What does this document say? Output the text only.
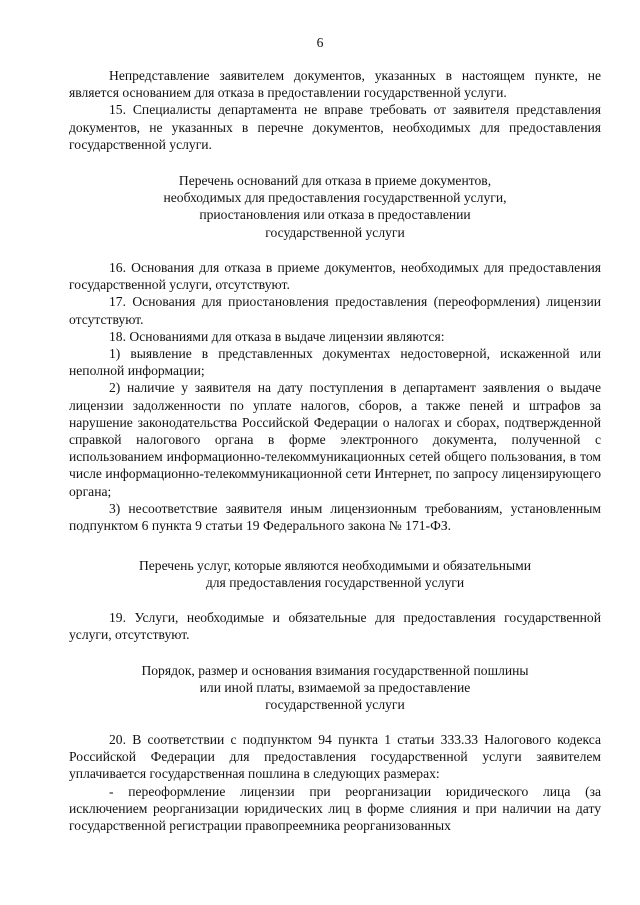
6

Непредставление заявителем документов, указанных в настоящем пункте, не является основанием для отказа в предоставлении государственной услуги.

15. Специалисты департамента не вправе требовать от заявителя представления документов, не указанных в перечне документов, необходимых для предоставления государственной услуги.

Перечень оснований для отказа в приеме документов,
необходимых для предоставления государственной услуги,
приостановления или отказа в предоставлении
государственной услуги

16. Основания для отказа в приеме документов, необходимых для предоставления государственной услуги, отсутствуют.

17. Основания для приостановления предоставления (переоформления) лицензии отсутствуют.

18. Основаниями для отказа в выдаче лицензии являются:

1) выявление в представленных документах недостоверной, искаженной или неполной информации;

2) наличие у заявителя на дату поступления в департамент заявления о выдаче лицензии задолженности по уплате налогов, сборов, а также пеней и штрафов за нарушение законодательства Российской Федерации о налогах и сборах, подтвержденной справкой налогового органа в форме электронного документа, полученной с использованием информационно-телекоммуникационных сетей общего пользования, в том числе информационно-телекоммуникационной сети Интернет, по запросу лицензирующего органа;

3) несоответствие заявителя иным лицензионным требованиям, установленным подпунктом 6 пункта 9 статьи 19 Федерального закона № 171-ФЗ.

Перечень услуг, которые являются необходимыми и обязательными
для предоставления государственной услуги

19. Услуги, необходимые и обязательные для предоставления государственной услуги, отсутствуют.

Порядок, размер и основания взимания государственной пошлины
или иной платы, взимаемой за предоставление
государственной услуги

20. В соответствии с подпунктом 94 пункта 1 статьи 333.33 Налогового кодекса Российской Федерации для предоставления государственной услуги заявителем уплачивается государственная пошлина в следующих размерах:

- переоформление лицензии при реорганизации юридического лица (за исключением реорганизации юридических лиц в форме слияния и при наличии на дату государственной регистрации правопреемника реорганизованных
